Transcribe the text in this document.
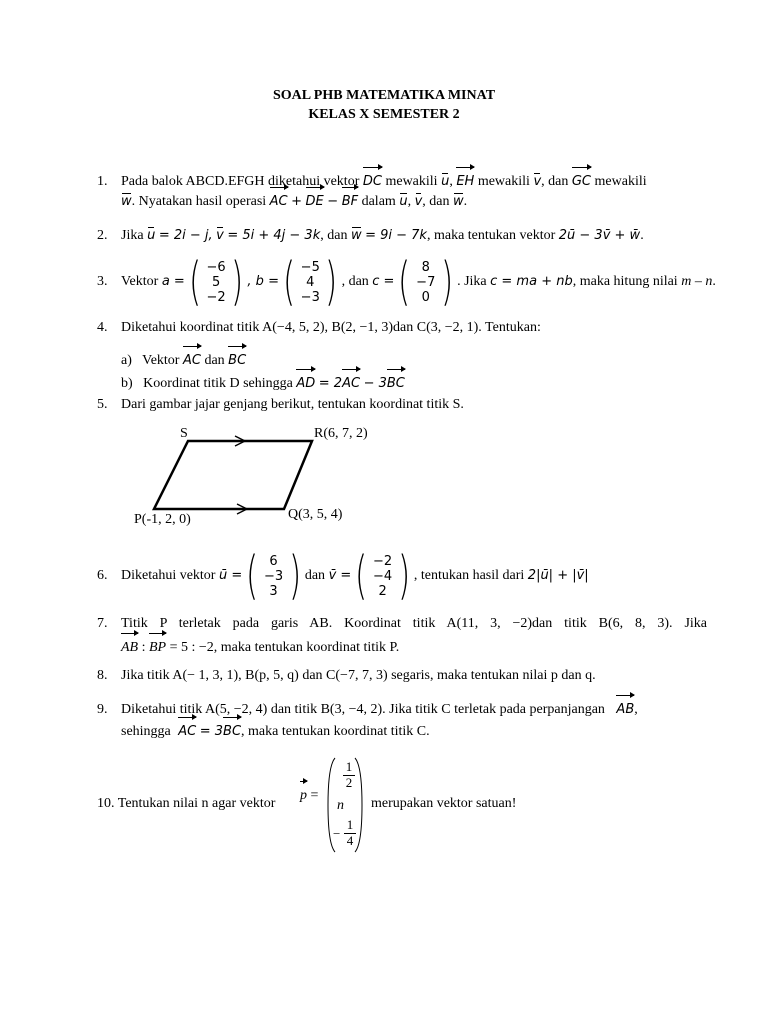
SOAL PHB MATEMATIKA MINAT
KELAS X SEMESTER 2
1. Pada balok ABCD.EFGH diketahui vektor DC mewakili u, EH mewakili v, dan GC mewakili
w. Nyatakan hasil operasi AC + DE − BF dalam u, v, dan w.
2. Jika u = 2i − j, v = 5i + 4j − 3k, dan w = 9i − 7k, maka tentukan vektor 2ū − 3v̄ + w̄.
3. Vektor
a = ( −6
5
−2 ) , b = ( −5
4
−3 ) , dan
c = ( 8
−7
0 ) . Jika
c = ma + nb , maka hitung nilai
m – n .
4. Diketahui koordinat titik A(−4, 5, 2), B(2, −1, 3)dan C(3, −2, 1). Tentukan:
a) Vektor AC dan BC
b) Koordinat titik D sehingga AD = 2
AC − 3
BC
5. Dari gambar jajar genjang berikut, tentukan koordinat titik S.
S	R(6, 7, 2)
P(-1, 2, 0)	Q(3, 5, 4)
6. Diketahui vektor
ū = ( 6
−3
3 ) dan
v̄ = ( −2
−4
2 ) , tentukan hasil dari
2|ū| + |v̄|
7. Titik P terletak pada garis AB. Koordinat titik A(11, 3, −2)dan titik B(6, 8, 3). Jika
AB : BP = 5 : −2, maka tentukan koordinat titik P.
8. Jika titik A(− 1, 3, 1), B(p, 5, q) dan C(−7, 7, 3) segaris, maka tentukan nilai p dan q.
9. Diketahui titik A(5, −2, 4) dan titik B(3, −4, 2). Jika titik C terletak pada perpanjangan AB,
sehingga AC = 3
BC, maka tentukan koordinat titik C.
10. Tentukan nilai n agar vektor
p =
1
2
n
−
1
4
merupakan vektor satuan!
